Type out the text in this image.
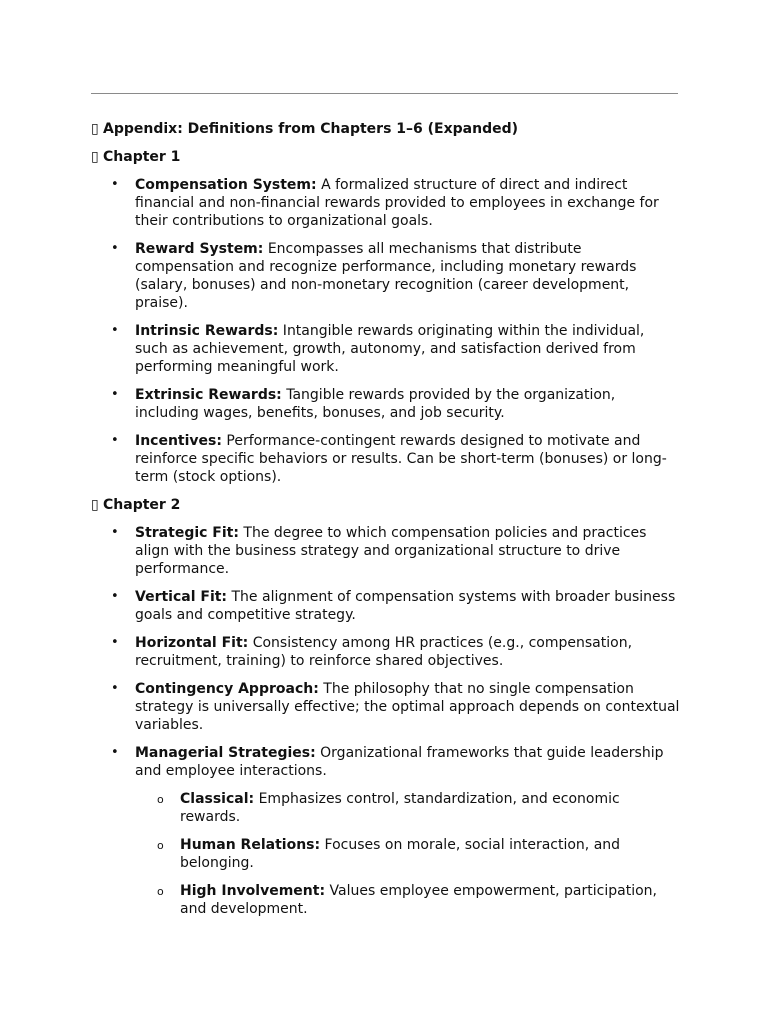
▯ Appendix: Definitions from Chapters 1–6 (Expanded)
▯ Chapter 1
• Compensation System: A formalized structure of direct and indirect financial and non-financial rewards provided to employees in exchange for their contributions to organizational goals.
• Reward System: Encompasses all mechanisms that distribute compensation and recognize performance, including monetary rewards (salary, bonuses) and non-monetary recognition (career development, praise).
• Intrinsic Rewards: Intangible rewards originating within the individual, such as achievement, growth, autonomy, and satisfaction derived from performing meaningful work.
• Extrinsic Rewards: Tangible rewards provided by the organization, including wages, benefits, bonuses, and job security.
• Incentives: Performance-contingent rewards designed to motivate and reinforce specific behaviors or results. Can be short-term (bonuses) or long-term (stock options).
▯ Chapter 2
• Strategic Fit: The degree to which compensation policies and practices align with the business strategy and organizational structure to drive performance.
• Vertical Fit: The alignment of compensation systems with broader business goals and competitive strategy.
• Horizontal Fit: Consistency among HR practices (e.g., compensation, recruitment, training) to reinforce shared objectives.
• Contingency Approach: The philosophy that no single compensation strategy is universally effective; the optimal approach depends on contextual variables.
• Managerial Strategies: Organizational frameworks that guide leadership and employee interactions.
o Classical: Emphasizes control, standardization, and economic rewards.
o Human Relations: Focuses on morale, social interaction, and belonging.
o High Involvement: Values employee empowerment, participation, and development.
